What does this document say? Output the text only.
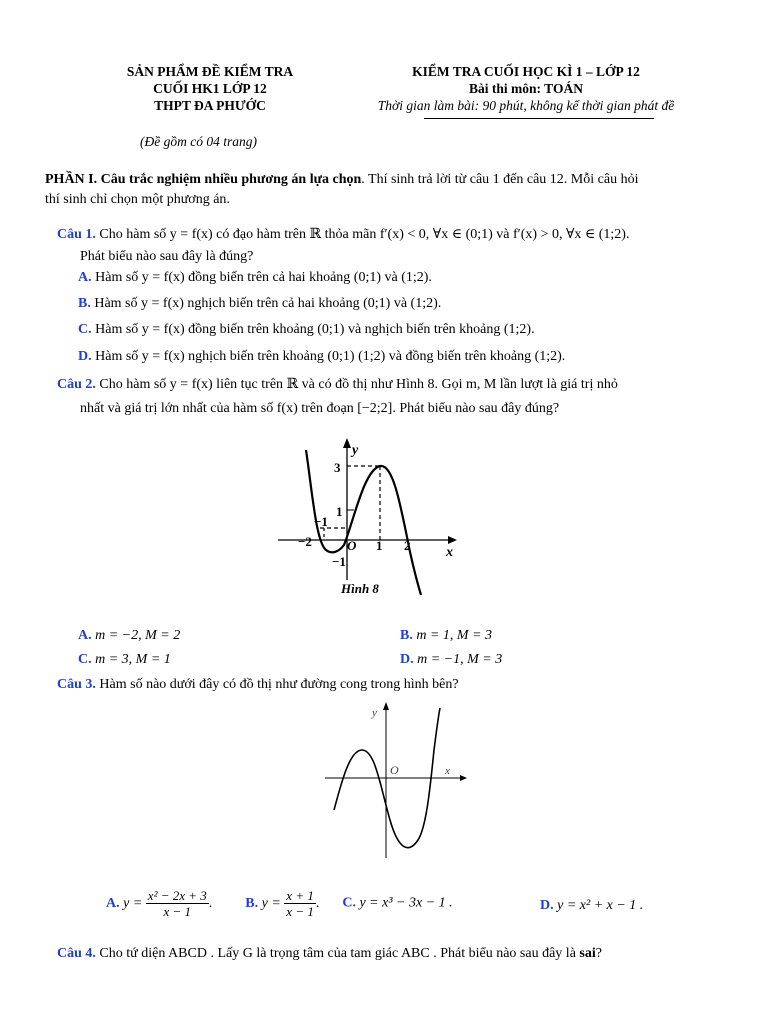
SẢN PHẨM ĐỀ KIỂM TRA
CUỐI HK1 LỚP 12
THPT ĐA PHƯỚC
(Đề gồm có 04 trang)
KIỂM TRA CUỐI HỌC KÌ 1 – LỚP 12
Bài thi môn: TOÁN
Thời gian làm bài: 90 phút, không kể thời gian phát đề
PHẦN I. Câu trắc nghiệm nhiều phương án lựa chọn. Thí sinh trả lời từ câu 1 đến câu 12. Mỗi câu hỏi
thí sinh chỉ chọn một phương án.
Câu 1. Cho hàm số y = f(x) có đạo hàm trên ℝ thỏa mãn f′(x) < 0, ∀x ∈ (0;1) và f′(x) > 0, ∀x ∈ (1;2).
Phát biểu nào sau đây là đúng?
A. Hàm số y = f(x) đồng biến trên cả hai khoảng (0;1) và (1;2).
B. Hàm số y = f(x) nghịch biến trên cả hai khoảng (0;1) và (1;2).
C. Hàm số y = f(x) đồng biến trên khoảng (0;1) và nghịch biến trên khoảng (1;2).
D. Hàm số y = f(x) nghịch biến trên khoảng (0;1) (1;2) và đồng biến trên khoảng (1;2).
Câu 2. Cho hàm số y = f(x) liên tục trên ℝ và có đồ thị như Hình 8. Gọi m, M lần lượt là giá trị nhỏ
nhất và giá trị lớn nhất của hàm số f(x) trên đoạn [−2;2]. Phát biểu nào sau đây đúng?
y
x
3
1
−1
−1
−2	O 1 2
Hình 8
A. m = −2, M = 2	B. m = 1, M = 3
C. m = 3, M = 1	D. m = −1, M = 3
Câu 3. Hàm số nào dưới đây có đồ thị như đường cong trong hình bên?
y
x
O
A. $y = \frac{\text{x² − 2x + 3}}{x - 1}$ . B. $y = \frac{x + 1}{x - 1}$ . C. y = x³ − 3x − 1 .	D. y = x² + x − 1 .
Câu 4. Cho tứ diện ABCD . Lấy G là trọng tâm của tam giác ABC . Phát biểu nào sau đây là sai?
